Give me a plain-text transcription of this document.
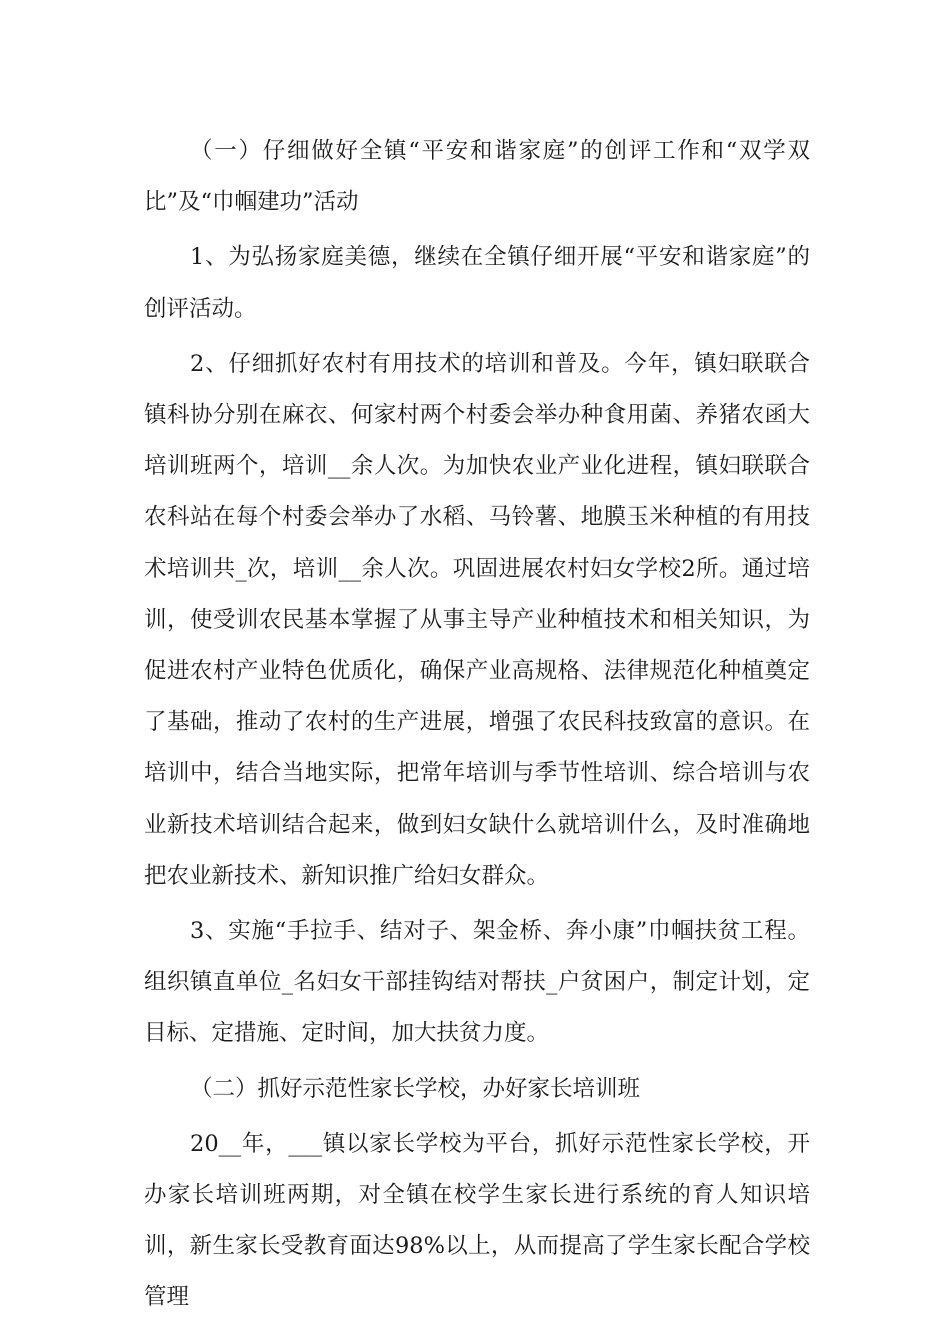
（一）仔细做好全镇“平安和谐家庭”的创评工作和“双学双比”及“巾帼建功”活动

1、为弘扬家庭美德，继续在全镇仔细开展“平安和谐家庭”的创评活动。

2、仔细抓好农村有用技术的培训和普及。今年，镇妇联联合镇科协分别在麻衣、何家村两个村委会举办种食用菌、养猪农函大培训班两个，培训__余人次。为加快农业产业化进程，镇妇联联合农科站在每个村委会举办了水稻、马铃薯、地膜玉米种植的有用技术培训共_次，培训__余人次。巩固进展农村妇女学校2所。通过培训，使受训农民基本掌握了从事主导产业种植技术和相关知识，为促进农村产业特色优质化，确保产业高规格、法律规范化种植奠定了基础，推动了农村的生产进展，增强了农民科技致富的意识。在培训中，结合当地实际，把常年培训与季节性培训、综合培训与农业新技术培训结合起来，做到妇女缺什么就培训什么，及时准确地把农业新技术、新知识推广给妇女群众。

3、实施“手拉手、结对子、架金桥、奔小康”巾帼扶贫工程。组织镇直单位_名妇女干部挂钩结对帮扶_户贫困户，制定计划，定目标、定措施、定时间，加大扶贫力度。

（二）抓好示范性家长学校，办好家长培训班

20__年，___镇以家长学校为平台，抓好示范性家长学校，开办家长培训班两期，对全镇在校学生家长进行系统的育人知识培训，新生家长受教育面达98%以上，从而提高了学生家长配合学校管理
